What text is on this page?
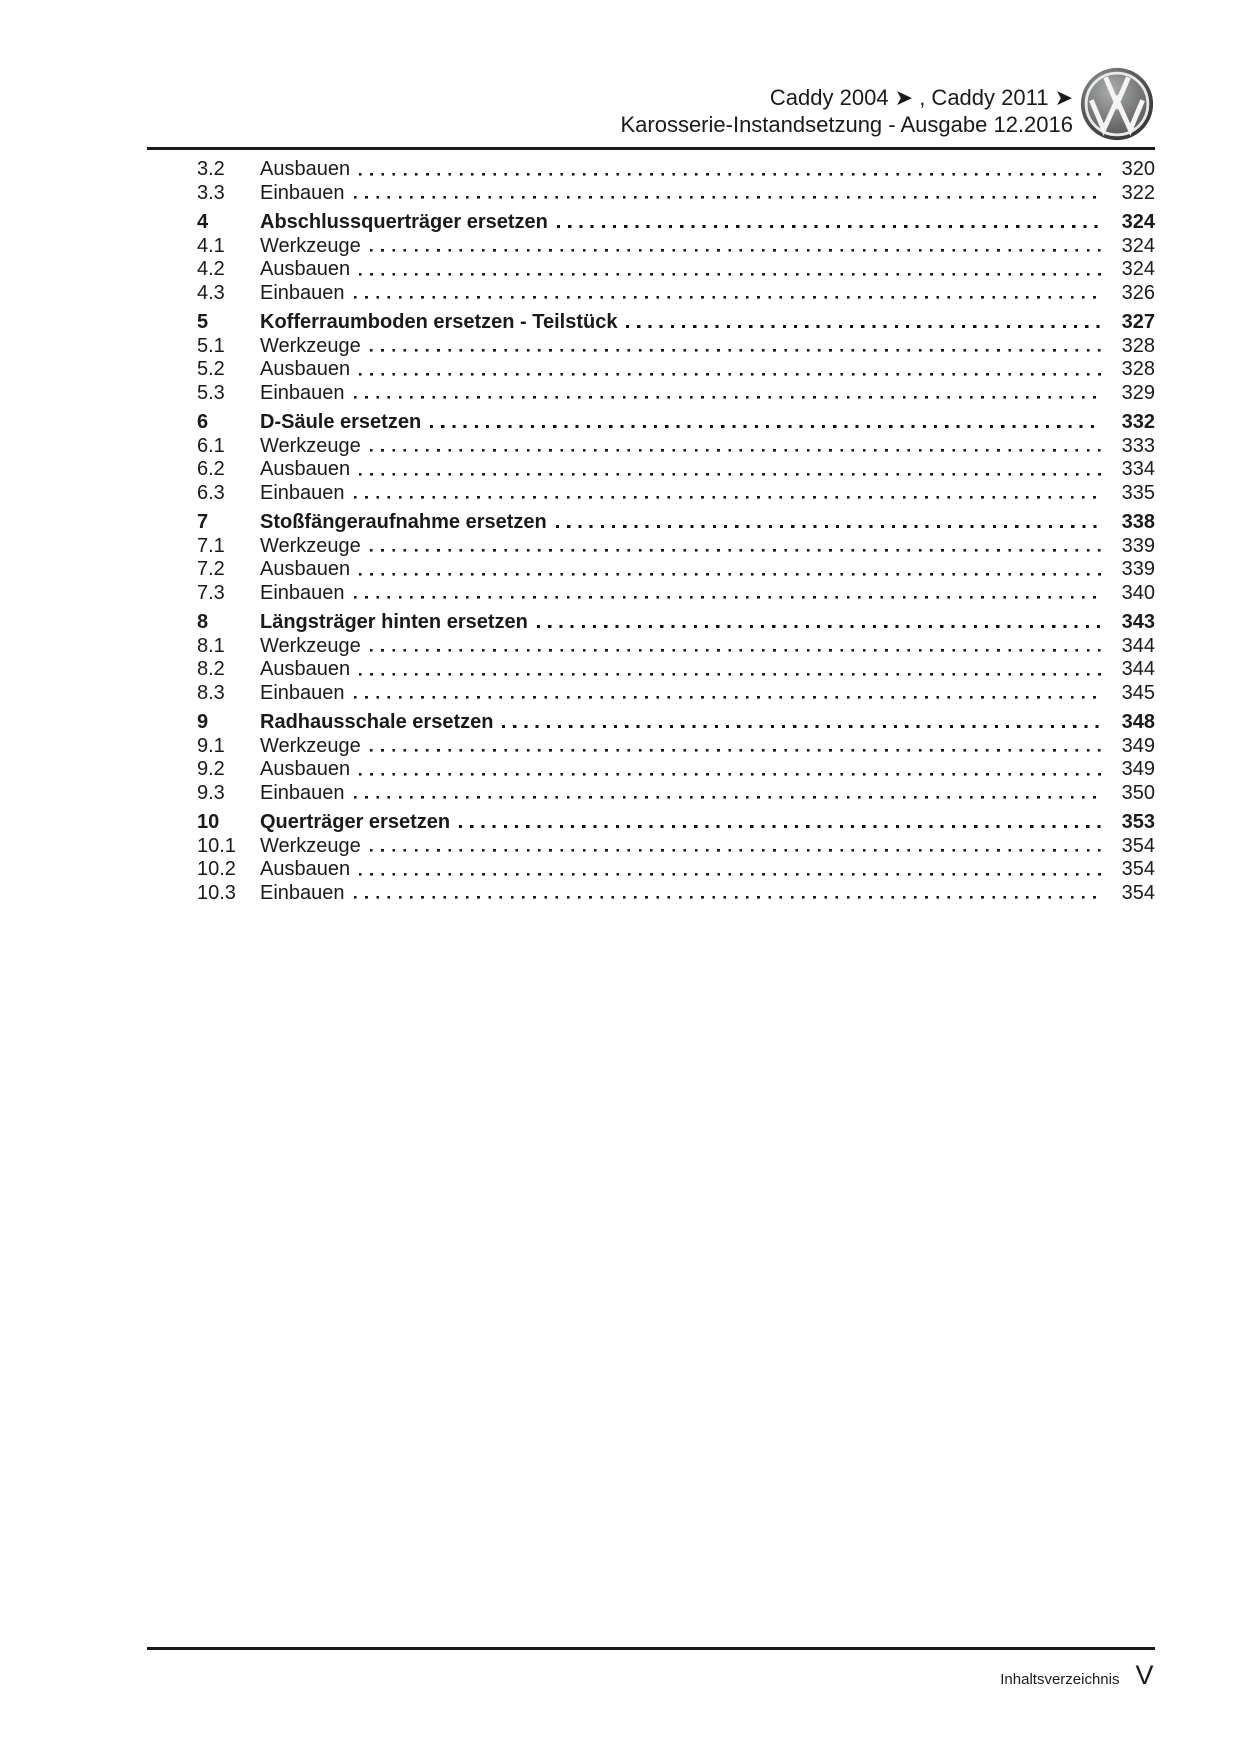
Caddy 2004 ➤ , Caddy 2011 ➤
Karosserie-Instandsetzung - Ausgabe 12.2016
3.2	Ausbauen	320
3.3	Einbauen	322
4	Abschlussquerträger ersetzen	324
4.1	Werkzeuge	324
4.2	Ausbauen	324
4.3	Einbauen	326
5	Kofferraumboden ersetzen - Teilstück	327
5.1	Werkzeuge	328
5.2	Ausbauen	328
5.3	Einbauen	329
6	D-Säule ersetzen	332
6.1	Werkzeuge	333
6.2	Ausbauen	334
6.3	Einbauen	335
7	Stoßfängeraufnahme ersetzen	338
7.1	Werkzeuge	339
7.2	Ausbauen	339
7.3	Einbauen	340
8	Längsträger hinten ersetzen	343
8.1	Werkzeuge	344
8.2	Ausbauen	344
8.3	Einbauen	345
9	Radhausschale ersetzen	348
9.1	Werkzeuge	349
9.2	Ausbauen	349
9.3	Einbauen	350
10	Querträger ersetzen	353
10.1	Werkzeuge	354
10.2	Ausbauen	354
10.3	Einbauen	354
Inhaltsverzeichnis V
